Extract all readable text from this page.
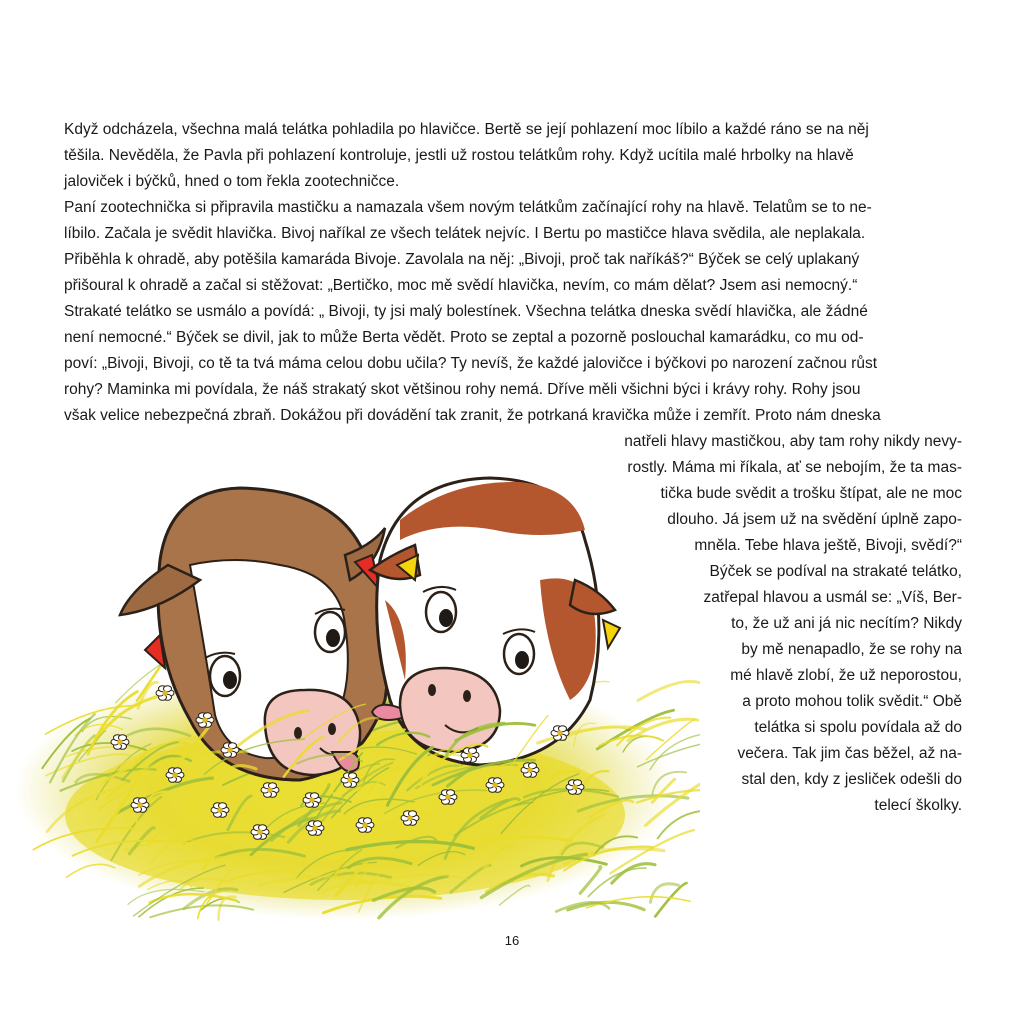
Když odcházela, všechna malá telátka pohladila po hlavičce. Bertě se její pohlazení moc líbilo a každé ráno se na něj

těšila. Nevěděla, že Pavla při pohlazení kontroluje, jestli už rostou telátkům rohy. Když ucítila malé hrbolky na hlavě

jaloviček i býčků, hned o tom řekla zootechničce.

Paní zootechnička si připravila mastičku a namazala všem novým telátkům začínající rohy na hlavě. Telatům se to ne-

líbilo. Začala je svědit hlavička. Bivoj naříkal ze všech telátek nejvíc. I Bertu po mastičce hlava svědila, ale neplakala.

Přiběhla k ohradě, aby potěšila kamaráda Bivoje. Zavolala na něj: „Bivoji, proč tak naříkáš?“ Býček se celý uplakaný

přišoural k ohradě a začal si stěžovat: „Bertičko, moc mě svědí hlavička, nevím, co mám dělat? Jsem asi nemocný.“

Strakaté telátko se usmálo a povídá: „ Bivoji, ty jsi malý bolestínek. Všechna telátka dneska svědí hlavička, ale žádné

není nemocné.“ Býček se divil, jak to může Berta vědět. Proto se zeptal a pozorně poslouchal kamarádku, co mu od-

poví: „Bivoji, Bivoji, co tě ta tvá máma celou dobu učila? Ty nevíš, že každé jalovičce i býčkovi po narození začnou růst

rohy? Maminka mi povídala, že náš strakatý skot většinou rohy nemá. Dříve měli všichni býci i krávy rohy. Rohy jsou

však velice nebezpečná zbraň. Dokážou při dovádění tak zranit, že potrkaná kravička může i zemřít. Proto nám dneska

natřeli hlavy mastičkou, aby tam rohy nikdy nevy-

rostly. Máma mi říkala, ať se nebojím, že ta mas-

tička bude svědit a trošku štípat, ale ne moc

dlouho. Já jsem už na svědění úplně zapo-

mněla. Tebe hlava ještě, Bivoji, svědí?“

Býček se podíval na strakaté telátko,

zatřepal hlavou a usmál se: „Víš, Ber-

to, že už ani já nic necítím? Nikdy

by mě nenapadlo, že se rohy na

mé hlavě zlobí, že už neporostou,

a proto mohou tolik svědit.“ Obě

telátka si spolu povídala až do

večera. Tak jim čas běžel, až na-

stal den, kdy z jesliček odešli do

telecí školky.

16
